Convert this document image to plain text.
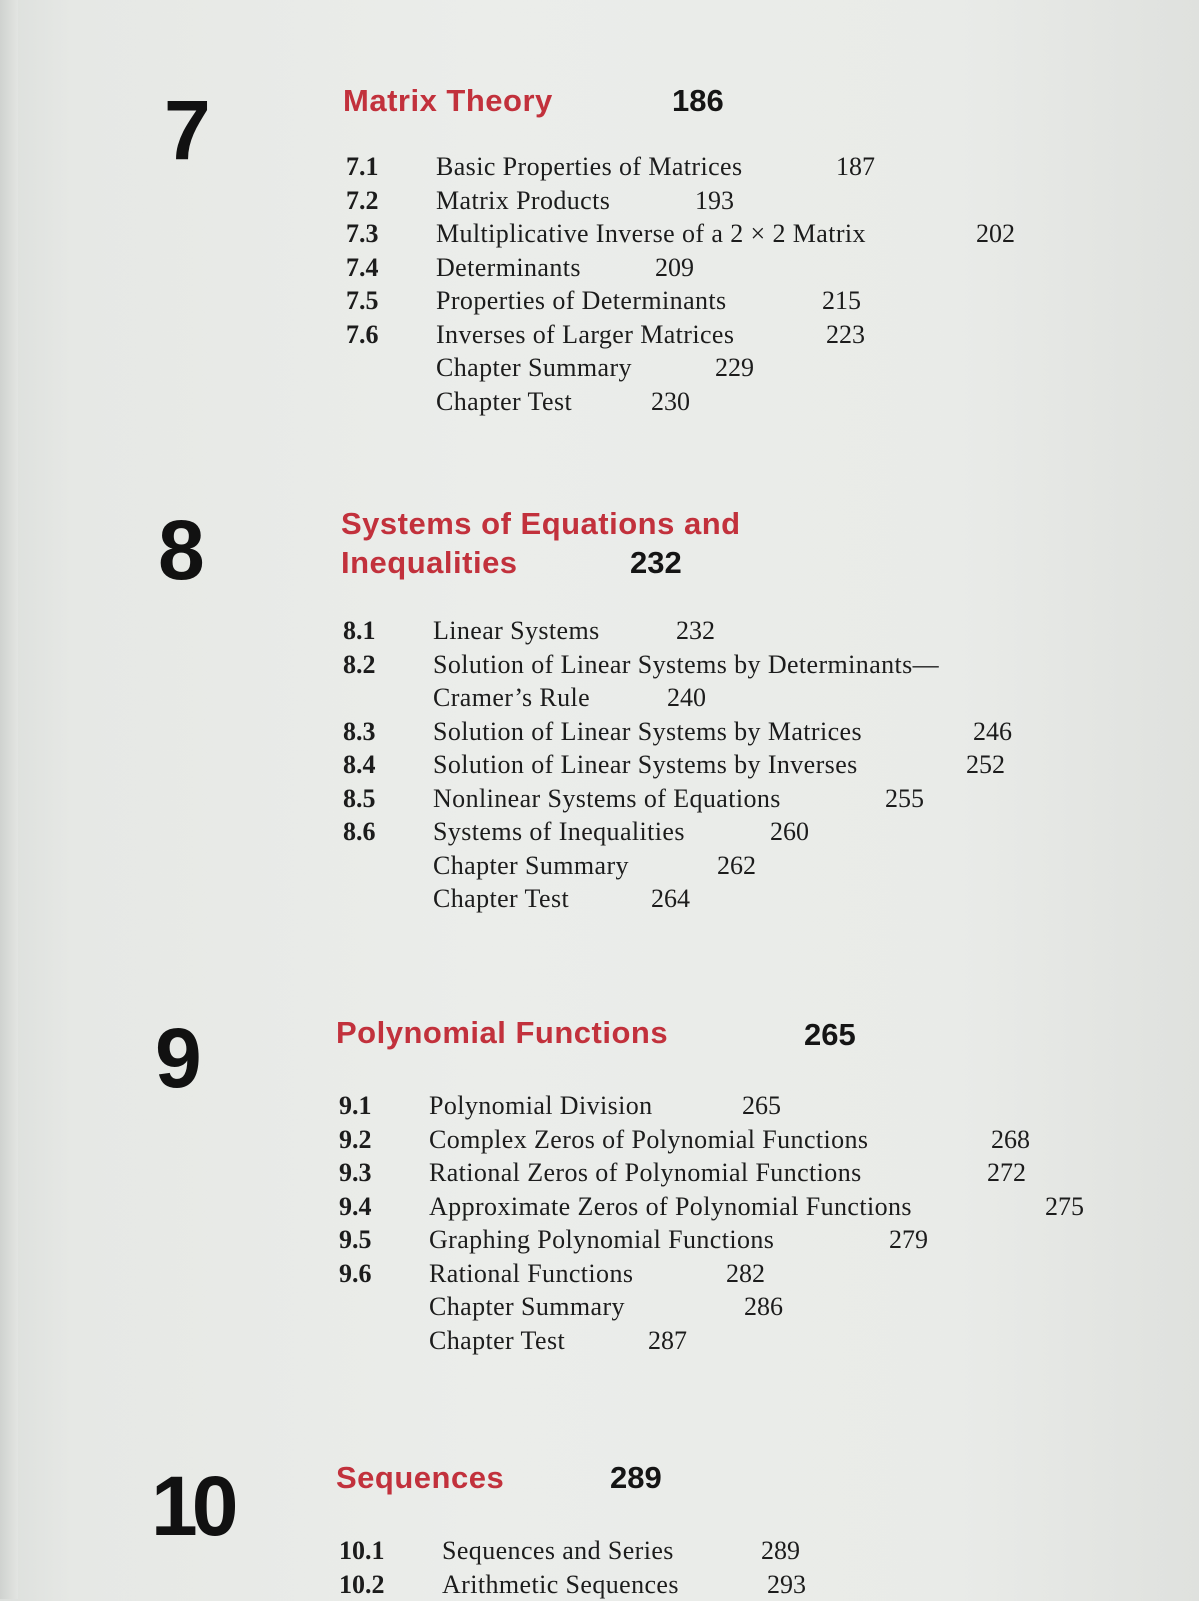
7	Matrix Theory	186
7.1 Basic Properties of Matrices	187
7.2 Matrix Products	193
7.3 Multiplicative Inverse of a 2 × 2 Matrix	202
7.4 Determinants	209
7.5 Properties of Determinants	215
7.6 Inverses of Larger Matrices	223
Chapter Summary	229
Chapter Test	230
8	Systems of Equations and
Inequalities	232
8.1 Linear Systems	232
8.2 Solution of Linear Systems by Determinants—
Cramer’s Rule	240
8.3 Solution of Linear Systems by Matrices	246
8.4 Solution of Linear Systems by Inverses	252
8.5 Nonlinear Systems of Equations	255
8.6 Systems of Inequalities	260
Chapter Summary	262
Chapter Test	264
9	Polynomial Functions	265
9.1 Polynomial Division	265
9.2 Complex Zeros of Polynomial Functions	268
9.3 Rational Zeros of Polynomial Functions	272
9.4 Approximate Zeros of Polynomial Functions	275
9.5 Graphing Polynomial Functions	279
9.6 Rational Functions	282
Chapter Summary	286
Chapter Test	287
10	Sequences	289
10.1 Sequences and Series	289
10.2 Arithmetic Sequences	293
